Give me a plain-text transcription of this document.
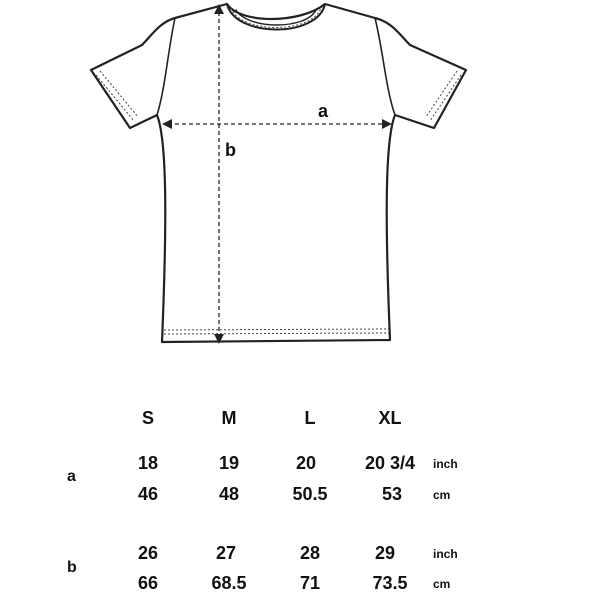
a
b
S	M	L	XL
a
18	19	20	20 3/4 inch
46	48	50.5	53	cm
b
26	27	28	29	inch
66	68.5	71	73.5 cm
